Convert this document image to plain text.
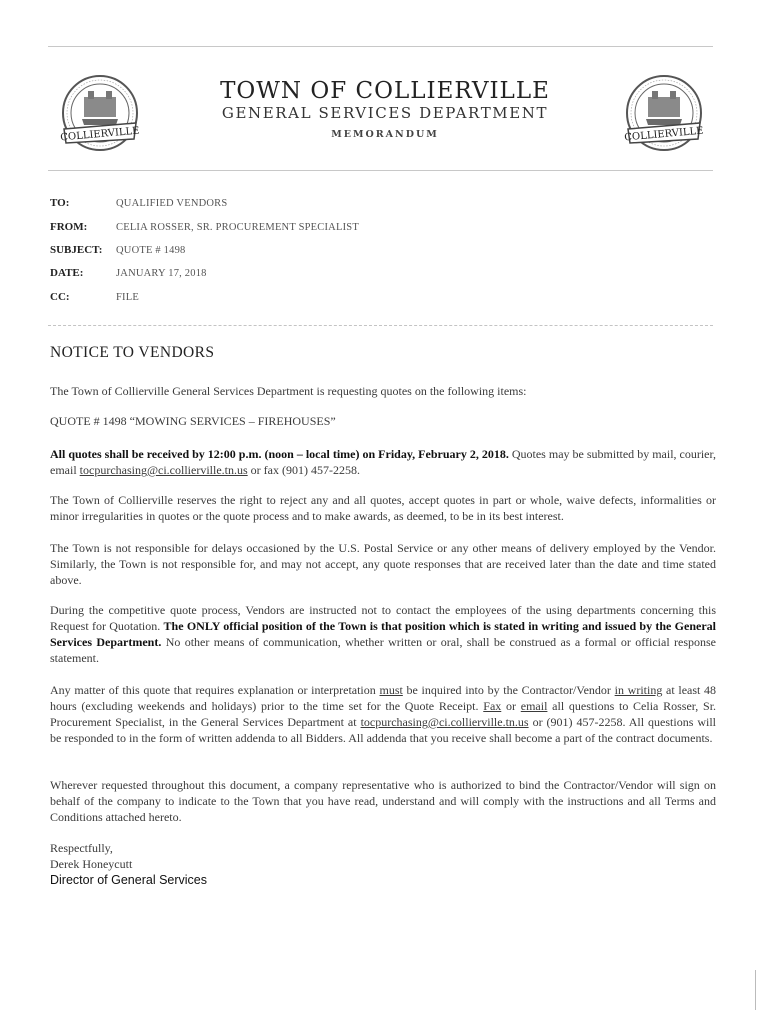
COLLIERVILLE	COLLIERVILLE
TOWN OF COLLIERVILLE
GENERAL SERVICES DEPARTMENT
MEMORANDUM
TO:	QUALIFIED VENDORS
FROM:	CELIA ROSSER, SR. PROCUREMENT SPECIALIST
SUBJECT: QUOTE # 1498
DATE:	JANUARY 17, 2018
CC:	FILE
NOTICE TO VENDORS
The Town of Collierville General Services Department is requesting quotes on the following items:
QUOTE # 1498 “MOWING SERVICES – FIREHOUSES”
All quotes shall be received by 12:00 p.m. (noon – local time) on Friday, February 2, 2018. Quotes may be submitted by mail, courier, email tocpurchasing@ci.collierville.tn.us or fax (901) 457-2258.
The Town of Collierville reserves the right to reject any and all quotes, accept quotes in part or whole, waive defects, informalities or minor irregularities in quotes or the quote process and to make awards, as deemed, to be in its best interest.
The Town is not responsible for delays occasioned by the U.S. Postal Service or any other means of delivery employed by the Vendor. Similarly, the Town is not responsible for, and may not accept, any quote responses that are received later than the date and time stated above.
During the competitive quote process, Vendors are instructed not to contact the employees of the using departments concerning this Request for Quotation. The ONLY official position of the Town is that position which is stated in writing and issued by the General Services Department. No other means of communication, whether written or oral, shall be construed as a formal or official response statement.
Any matter of this quote that requires explanation or interpretation must be inquired into by the Contractor/Vendor in writing at least 48 hours (excluding weekends and holidays) prior to the time set for the Quote Receipt. Fax or email all questions to Celia Rosser, Sr. Procurement Specialist, in the General Services Department at tocpurchasing@ci.collierville.tn.us or (901) 457-2258. All questions will be responded to in the form of written addenda to all Bidders. All addenda that you receive shall become a part of the contract documents.
Wherever requested throughout this document, a company representative who is authorized to bind the Contractor/Vendor will sign on behalf of the company to indicate to the Town that you have read, understand and will comply with the instructions and all Terms and Conditions attached hereto.
Respectfully,
Derek Honeycutt
Director of General Services
